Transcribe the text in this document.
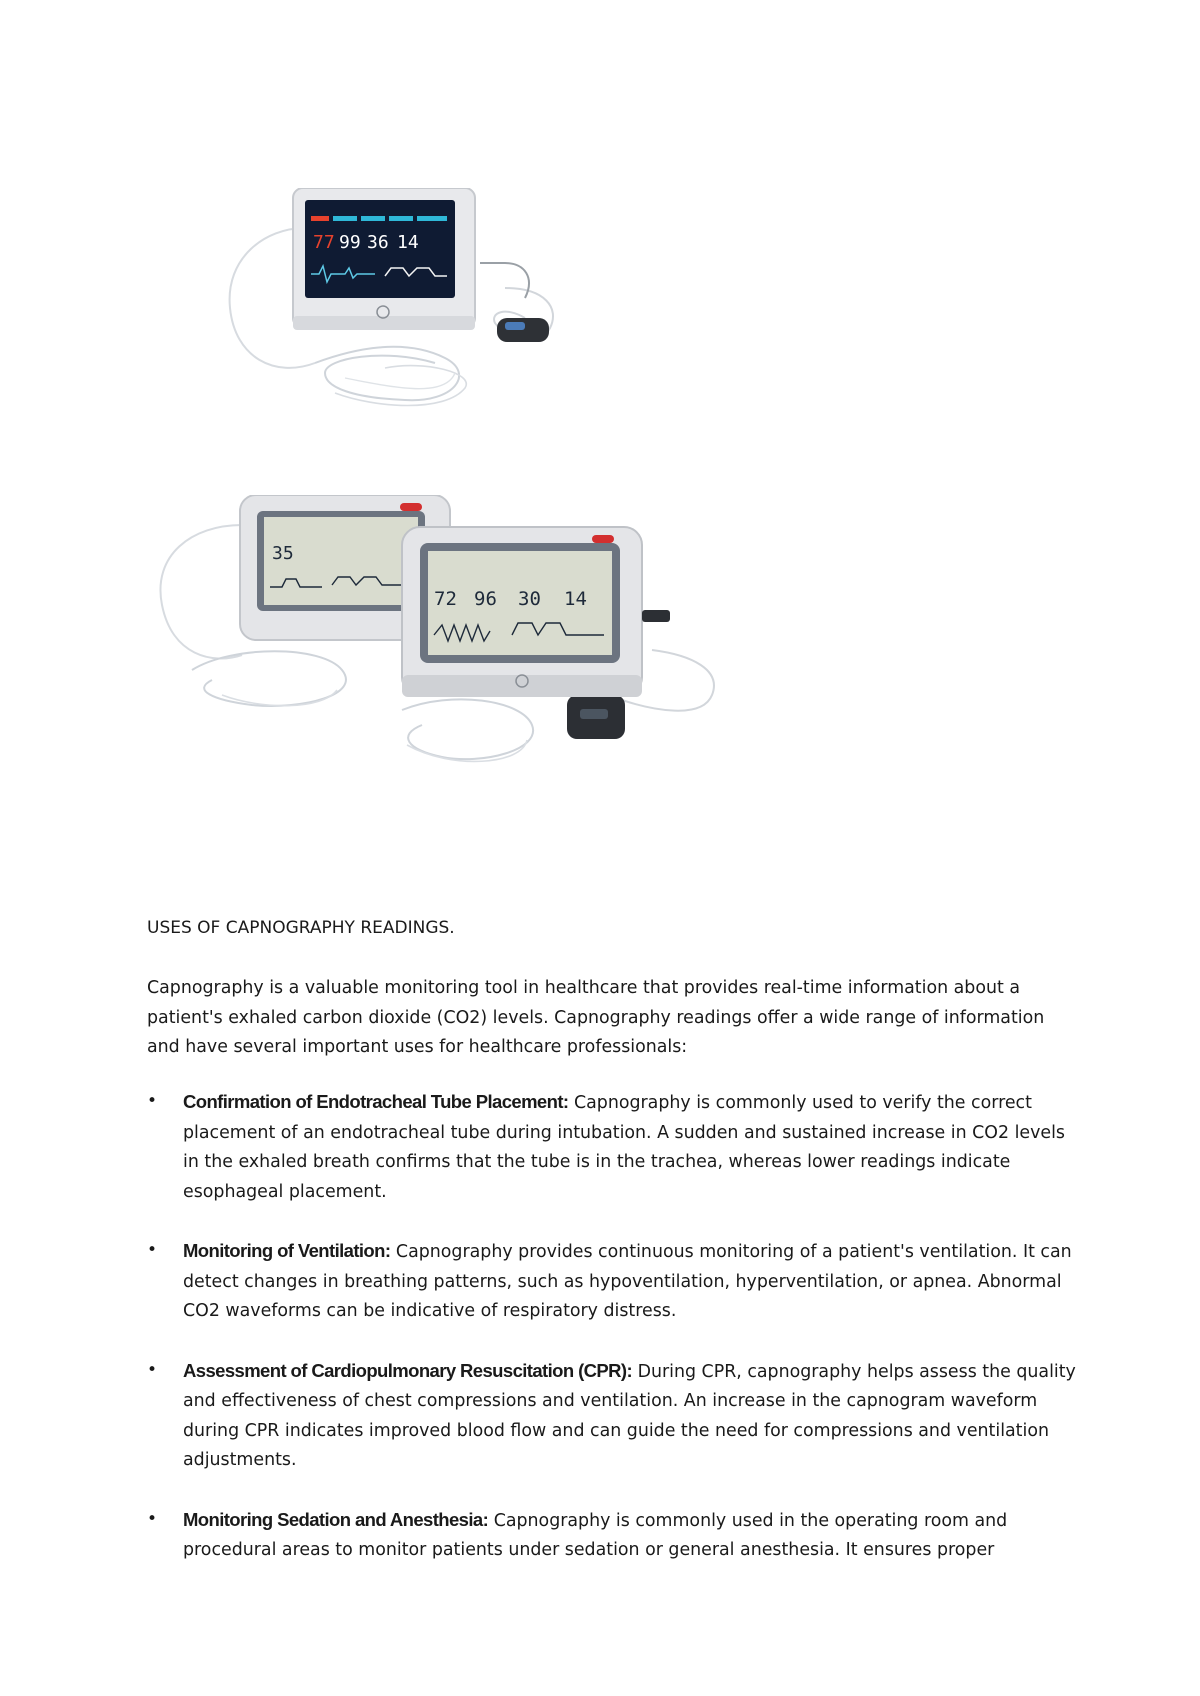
77 99 36 14
35
72 96 30 14
USES OF CAPNOGRAPHY READINGS.
Capnography is a valuable monitoring tool in healthcare that provides real-time information about a patient's exhaled carbon dioxide (CO2) levels. Capnography readings offer a wide range of information and have several important uses for healthcare professionals:
• Confirmation of Endotracheal Tube Placement: Capnography is commonly used to verify the correct placement of an endotracheal tube during intubation. A sudden and sustained increase in CO2 levels in the exhaled breath confirms that the tube is in the trachea, whereas lower readings indicate esophageal placement.
• Monitoring of Ventilation: Capnography provides continuous monitoring of a patient's ventilation. It can detect changes in breathing patterns, such as hypoventilation, hyperventilation, or apnea. Abnormal CO2 waveforms can be indicative of respiratory distress.
• Assessment of Cardiopulmonary Resuscitation (CPR): During CPR, capnography helps assess the quality and effectiveness of chest compressions and ventilation. An increase in the capnogram waveform during CPR indicates improved blood flow and can guide the need for compressions and ventilation adjustments.
• Monitoring Sedation and Anesthesia: Capnography is commonly used in the operating room and procedural areas to monitor patients under sedation or general anesthesia. It ensures proper
